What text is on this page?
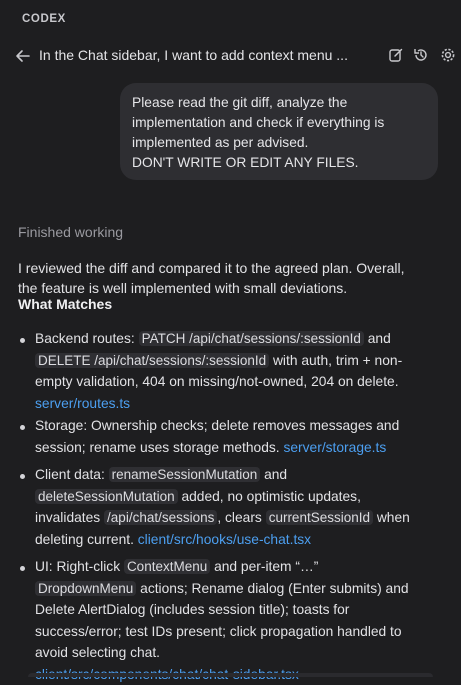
CODEX
In the Chat sidebar, I want to add context menu ...
Please read the git diff, analyze the
implementation and check if everything is
implemented as per advised.
DON'T WRITE OR EDIT ANY FILES.
Finished working
I reviewed the diff and compared it to the agreed plan. Overall,
the feature is well implemented with small deviations.
What Matches
Backend routes: PATCH /api/chat/sessions/:sessionId and
DELETE /api/chat/sessions/:sessionId with auth, trim + non-
empty validation, 404 on missing/not-owned, 204 on delete.
server/routes.ts
Storage: Ownership checks; delete removes messages and
session; rename uses storage methods. server/storage.ts
Client data: renameSessionMutation and
deleteSessionMutation added, no optimistic updates,
invalidates /api/chat/sessions , clears currentSessionId when
deleting current. client/src/hooks/use-chat.tsx
UI: Right-click ContextMenu and per-item “…”
DropdownMenu actions; Rename dialog (Enter submits) and
Delete AlertDialog (includes session title); toasts for
success/error; test IDs present; click propagation handled to
avoid selecting chat.
